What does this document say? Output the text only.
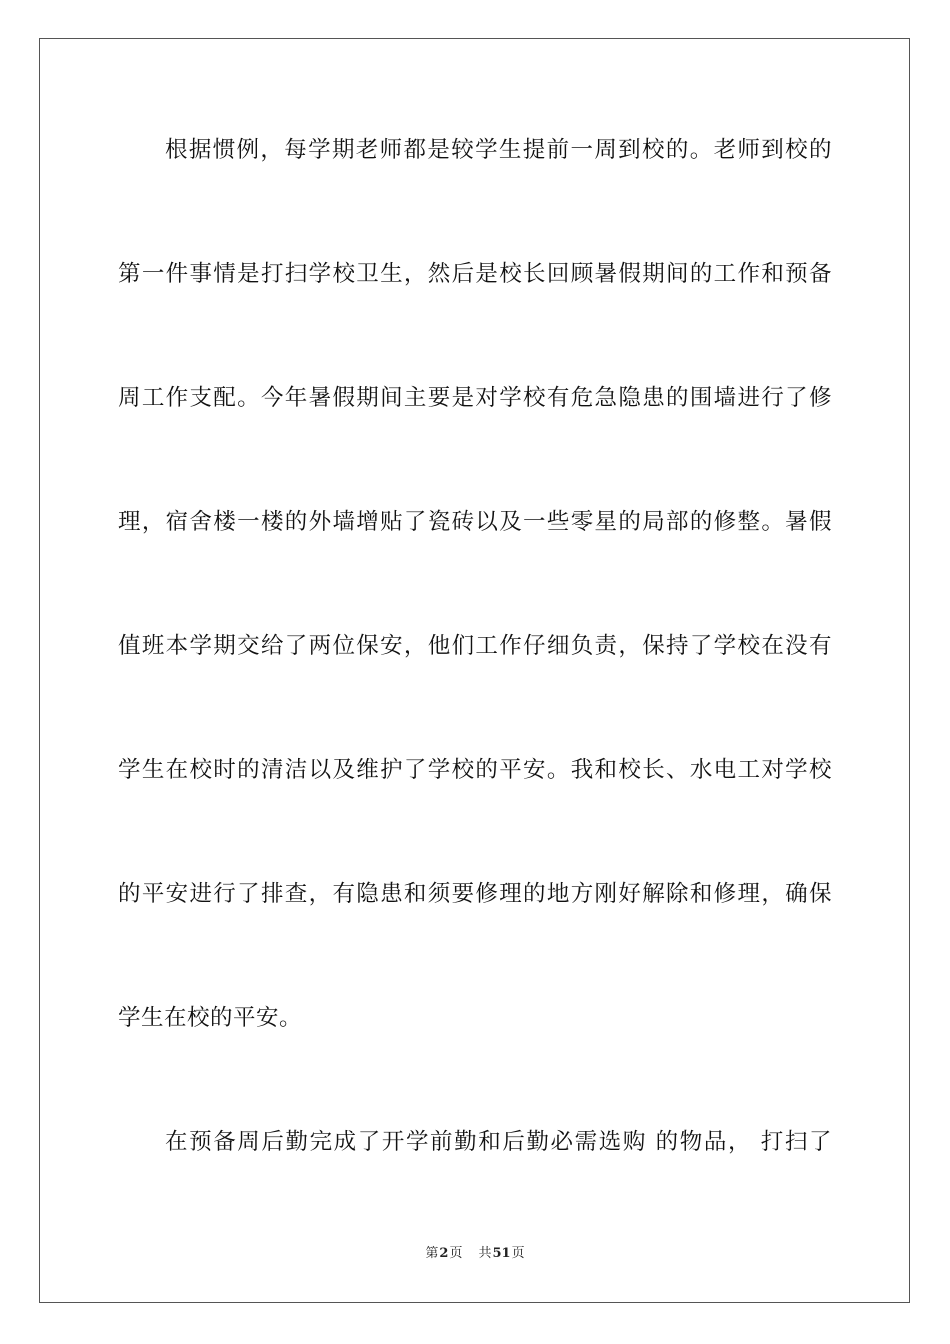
根据惯例，每学期老师都是较学生提前一周到校的。老师到校的
第一件事情是打扫学校卫生，然后是校长回顾暑假期间的工作和预备
周工作支配。今年暑假期间主要是对学校有危急隐患的围墙进行了修
理，宿舍楼一楼的外墙增贴了瓷砖以及一些零星的局部的修整。暑假
值班本学期交给了两位保安，他们工作仔细负责，保持了学校在没有
学生在校时的清洁以及维护了学校的平安。我和校长、水电工对学校
的平安进行了排查，有隐患和须要修理的地方刚好解除和修理，确保
学生在校的平安。
在预备周后勤完成了开学前勤和后勤必需选购 的物品， 打扫了
第2页 共51页
